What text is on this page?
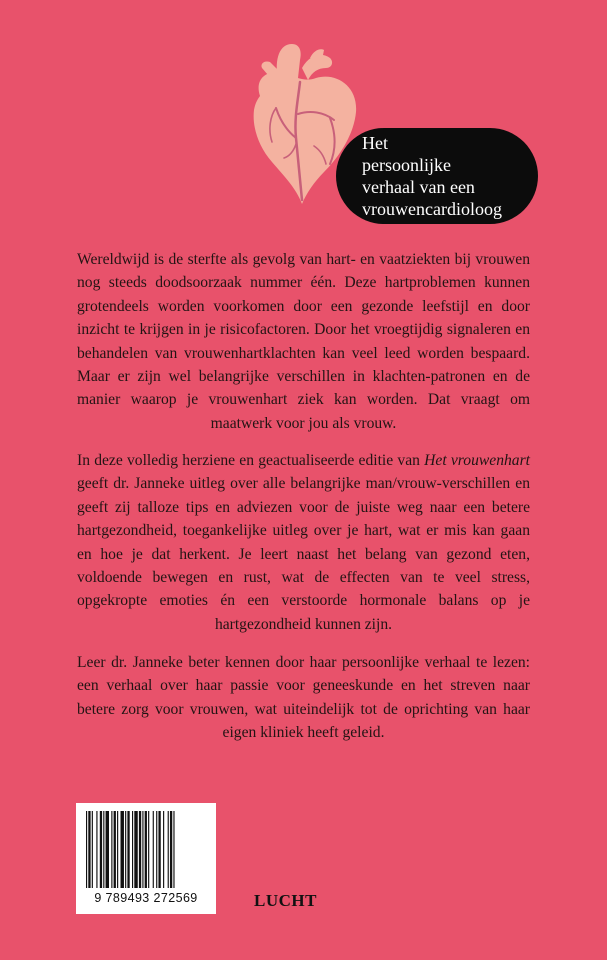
Het
persoonlijke
verhaal van een
vrouwencardioloog

Wereldwijd is de sterfte als gevolg van hart- en vaatziekten bij vrouwen nog steeds doodsoorzaak nummer één. Deze hartproblemen kunnen grotendeels worden voorkomen door een gezonde leefstijl en door inzicht te krijgen in je risicofactoren. Door het vroegtijdig signaleren en behandelen van vrouwenhartklachten kan veel leed worden bespaard. Maar er zijn wel belangrijke verschillen in klachten-patronen en de manier waarop je vrouwenhart ziek kan worden. Dat vraagt om maatwerk voor jou als vrouw.

In deze volledig herziene en geactualiseerde editie van Het vrouwenhart geeft dr. Janneke uitleg over alle belangrijke man/vrouw-verschillen en geeft zij talloze tips en adviezen voor de juiste weg naar een betere hartgezondheid, toegankelijke uitleg over je hart, wat er mis kan gaan en hoe je dat herkent. Je leert naast het belang van gezond eten, voldoende bewegen en rust, wat de effecten van te veel stress, opgekropte emoties én een verstoorde hormonale balans op je hartgezondheid kunnen zijn.

Leer dr. Janneke beter kennen door haar persoonlijke verhaal te lezen: een verhaal over haar passie voor geneeskunde en het streven naar betere zorg voor vrouwen, wat uiteindelijk tot de oprichting van haar eigen kliniek heeft geleid.

9 789493 272569	LUCHT
